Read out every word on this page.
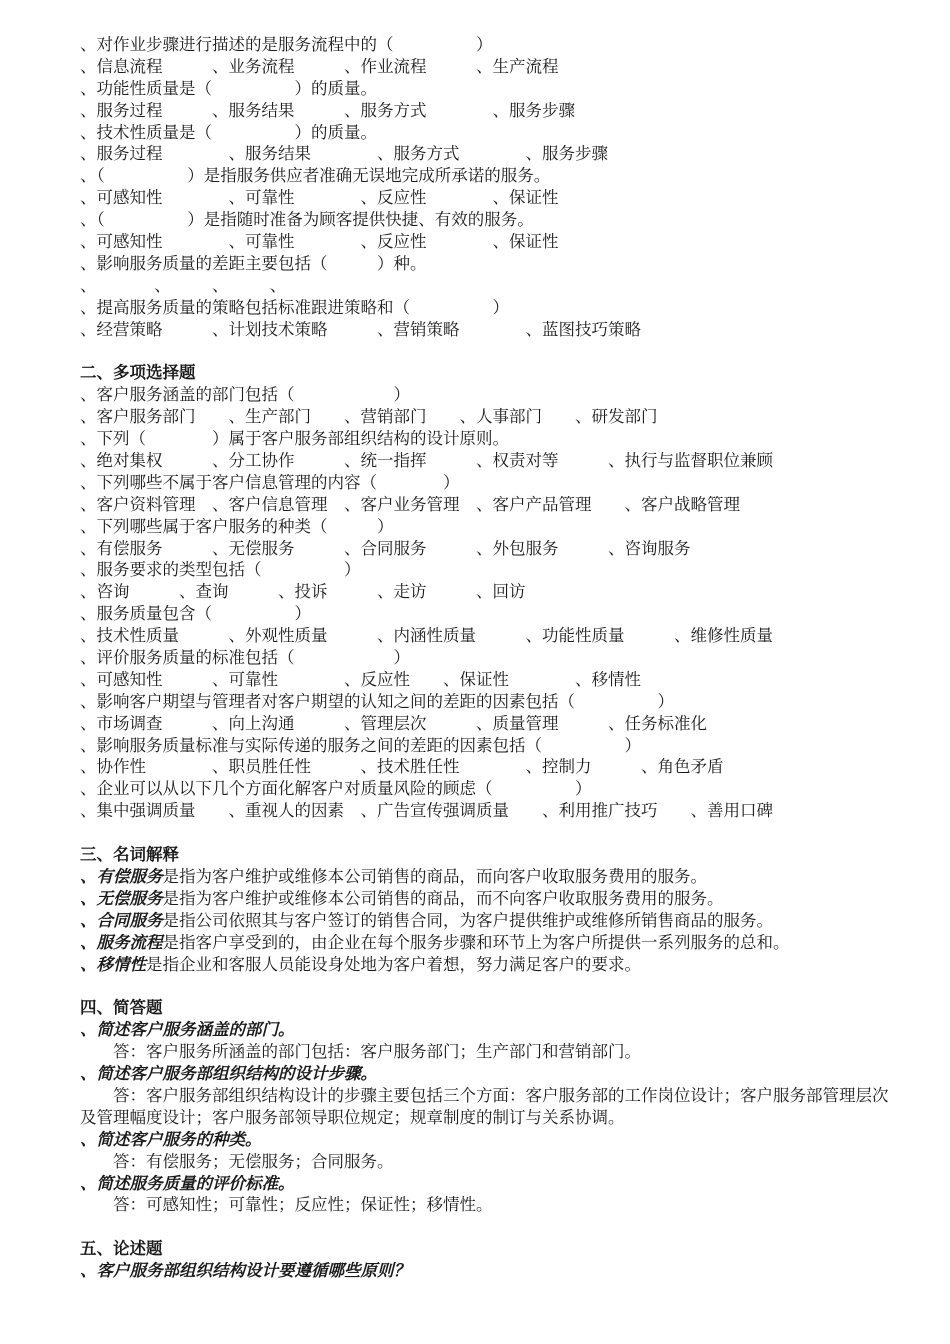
、对作业步骤进行描述的是服务流程中的（　　　　　）
、信息流程　　　、业务流程　　　、作业流程　　　、生产流程
、功能性质量是（　　　　　）的质量。
、服务过程　　　、服务结果　　　、服务方式　　　　、服务步骤
、技术性质量是（　　　　　）的质量。
、服务过程　　　　、服务结果　　　　、服务方式　　　　、服务步骤
、（　　　　　）是指服务供应者准确无误地完成所承诺的服务。
、可感知性　　　　、可靠性　　　　、反应性　　　　、保证性
、（　　　　　）是指随时准备为顾客提供快捷、有效的服务。
、可感知性　　　　、可靠性　　　　、反应性　　　　、保证性
、影响服务质量的差距主要包括（　　　）种。
、　　　　、　　　、　　　、
、提高服务质量的策略包括标准跟进策略和（　　　　　）
、经营策略　　　、计划技术策略　　　、营销策略　　　　、蓝图技巧策略
二、多项选择题
、客户服务涵盖的部门包括（　　　　　　）
、客户服务部门　　、生产部门　　、营销部门　　、人事部门　　、研发部门
、下列（　　　　）属于客户服务部组织结构的设计原则。
、绝对集权　　　、分工协作　　　、统一指挥　　　、权责对等　　　、执行与监督职位兼顾
、下列哪些不属于客户信息管理的内容（　　　　）
、客户资料管理　、客户信息管理　、客户业务管理　、客户产品管理　　、客户战略管理
、下列哪些属于客户服务的种类（　　　）
、有偿服务　　　、无偿服务　　　、合同服务　　　、外包服务　　　、咨询服务
、服务要求的类型包括（　　　　　）
、咨询　　　、查询　　　、投诉　　　、走访　　　、回访
、服务质量包含（　　　　　）
、技术性质量　　　、外观性质量　　　、内涵性质量　　　、功能性质量　　　、维修性质量
、评价服务质量的标准包括（　　　　　　）
、可感知性　　　、可靠性　　　　、反应性　　、保证性　　　　、移情性
、影响客户期望与管理者对客户期望的认知之间的差距的因素包括（　　　　　）
、市场调查　　　、向上沟通　　　、管理层次　　　、质量管理　　　、任务标准化
、影响服务质量标准与实际传递的服务之间的差距的因素包括（　　　　　）
、协作性　　　　、职员胜任性　　　、技术胜任性　　　　、控制力　　　、角色矛盾
、企业可以从以下几个方面化解客户对质量风险的顾虑（　　　　　）
、集中强调质量　　、重视人的因素　、广告宣传强调质量　　、利用推广技巧　　、善用口碑
三、名词解释
、有偿服务是指为客户维护或维修本公司销售的商品，而向客户收取服务费用的服务。
、无偿服务是指为客户维护或维修本公司销售的商品，而不向客户收取服务费用的服务。
、合同服务是指公司依照其与客户签订的销售合同，为客户提供维护或维修所销售商品的服务。
、服务流程是指客户享受到的，由企业在每个服务步骤和环节上为客户所提供一系列服务的总和。
、移情性是指企业和客服人员能设身处地为客户着想，努力满足客户的要求。
四、简答题
、简述客户服务涵盖的部门。
答：客户服务所涵盖的部门包括：客户服务部门；生产部门和营销部门。
、简述客户服务部组织结构的设计步骤。
答：客户服务部组织结构设计的步骤主要包括三个方面：客户服务部的工作岗位设计；客户服务部管理层次及管理幅度设计；客户服务部领导职位规定；规章制度的制订与关系协调。
、简述客户服务的种类。
答：有偿服务；无偿服务；合同服务。
、简述服务质量的评价标准。
答：可感知性；可靠性；反应性；保证性；移情性。
五、论述题
、客户服务部组织结构设计要遵循哪些原则？
